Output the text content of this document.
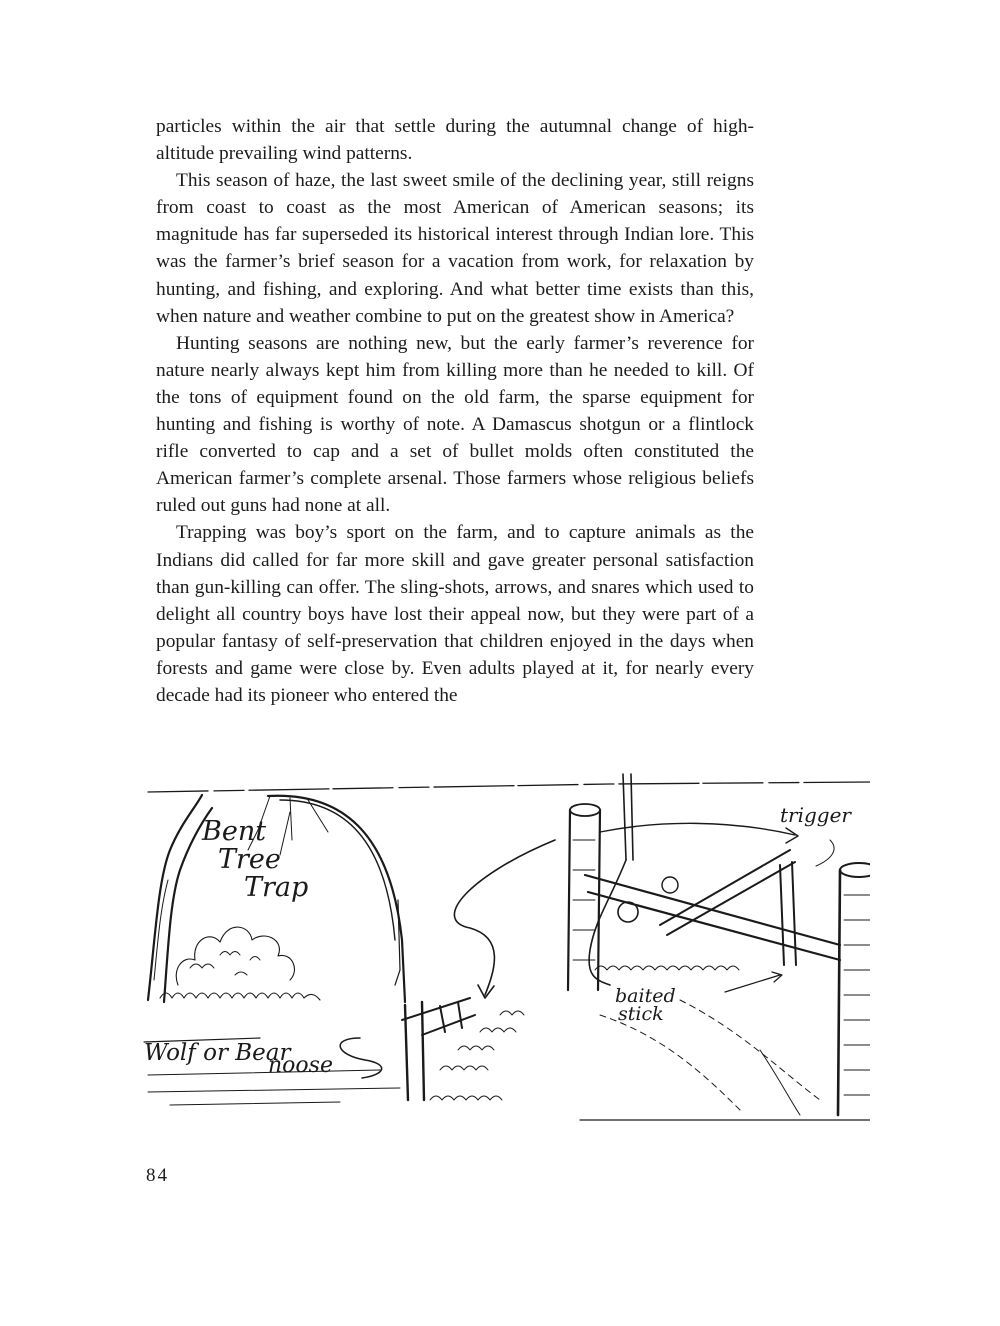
particles within the air that settle during the autumnal change of high-altitude prevailing wind patterns.

This season of haze, the last sweet smile of the declining year, still reigns from coast to coast as the most American of American seasons; its magnitude has far superseded its historical interest through Indian lore. This was the farmer’s brief season for a vacation from work, for relaxation by hunting, and fishing, and exploring. And what better time exists than this, when nature and weather combine to put on the greatest show in America?

Hunting seasons are nothing new, but the early farmer’s reverence for nature nearly always kept him from killing more than he needed to kill. Of the tons of equipment found on the old farm, the sparse equipment for hunting and fishing is worthy of note. A Damascus shotgun or a flintlock rifle converted to cap and a set of bullet molds often constituted the American farmer’s complete arsenal. Those farmers whose religious beliefs ruled out guns had none at all.

Trapping was boy’s sport on the farm, and to capture animals as the Indians did called for far more skill and gave greater personal satisfaction than gun-killing can offer. The sling-shots, arrows, and snares which used to delight all country boys have lost their appeal now, but they were part of a popular fantasy of self-preservation that children enjoyed in the days when forests and game were close by. Even adults played at it, for nearly every decade had its pioneer who entered the

Bent
Tree
Trap
Wolf or Bear
noose
trigger
baited
stick
84
